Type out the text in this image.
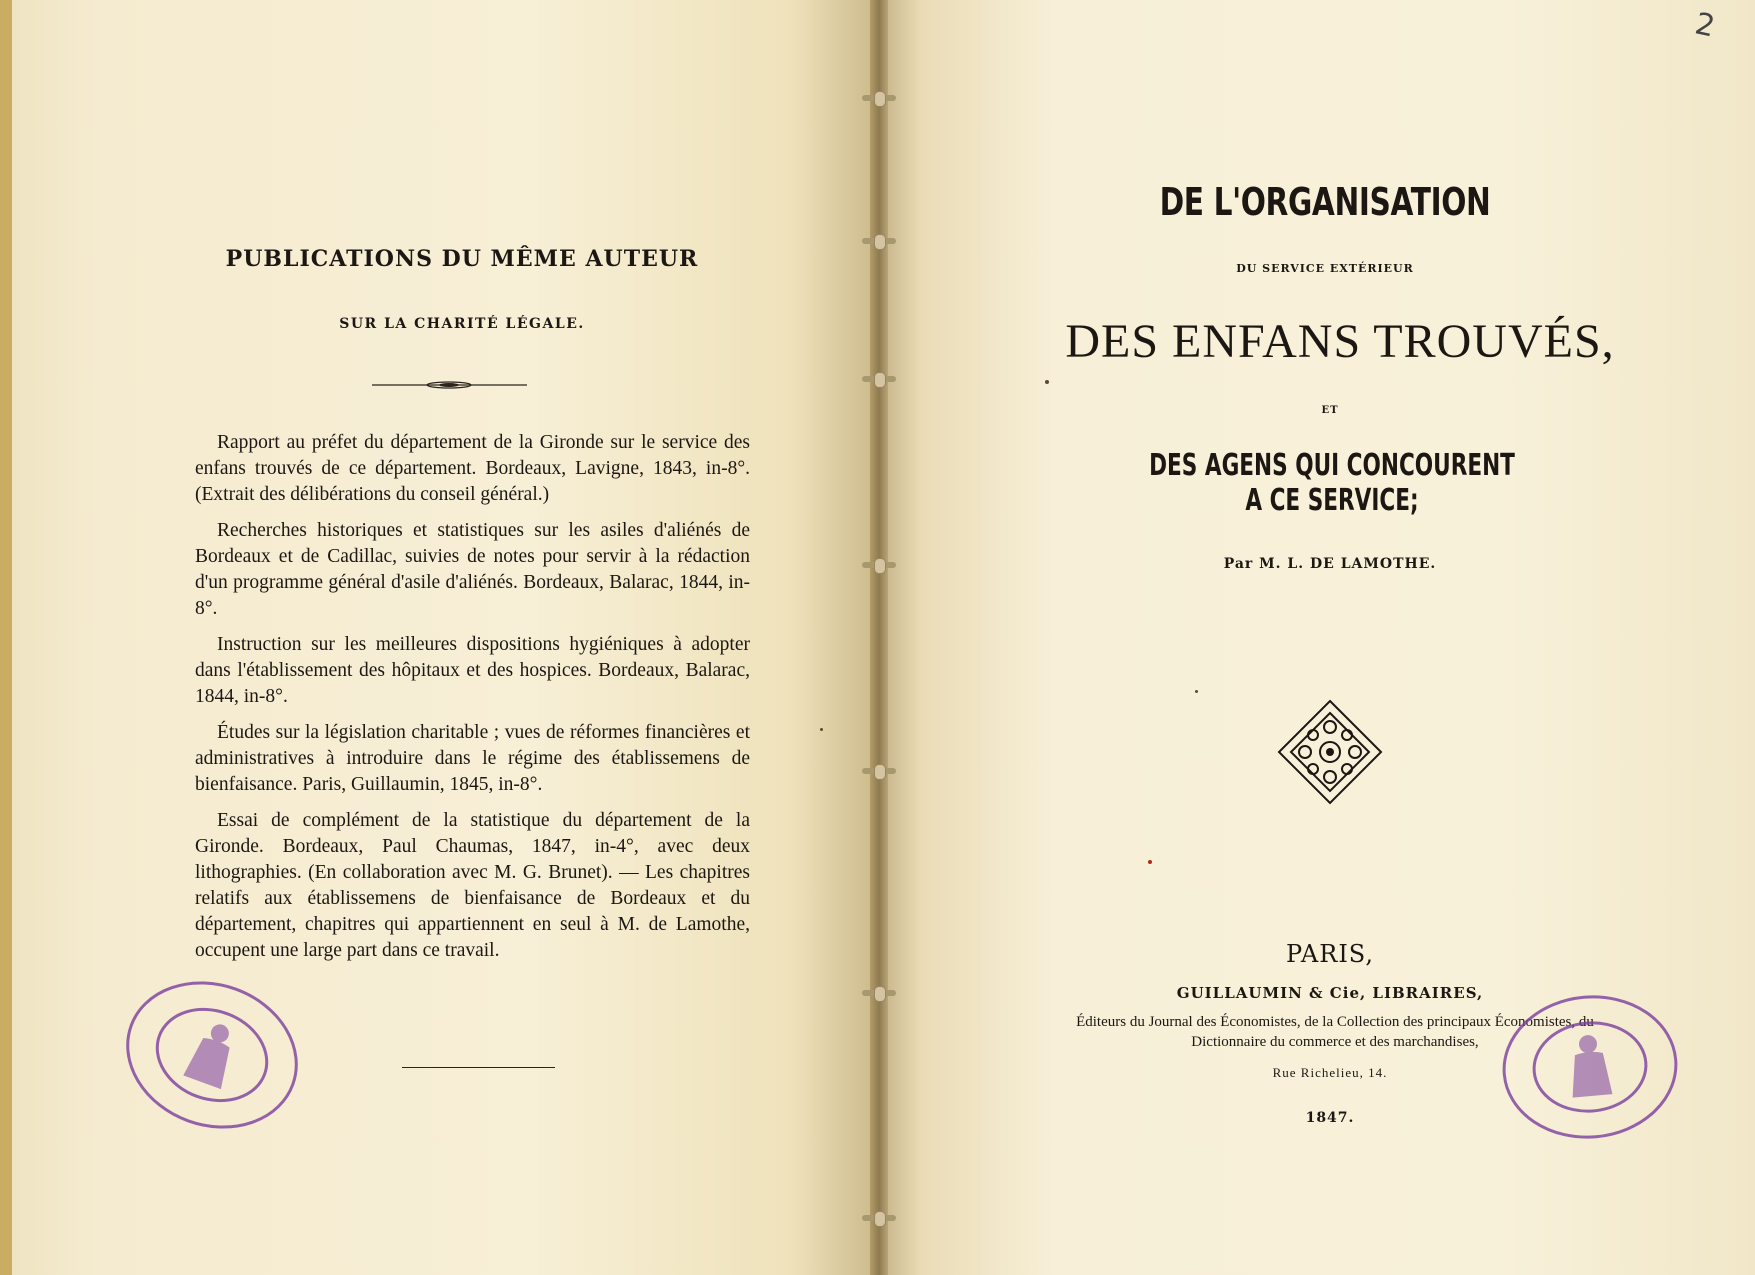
PUBLICATIONS DU MÊME AUTEUR
SUR LA CHARITÉ LÉGALE.

Rapport au préfet du département de la Gironde sur le service des enfans trouvés de ce département. Bordeaux, Lavigne, 1843, in-8°. (Extrait des délibérations du conseil général.)

Recherches historiques et statistiques sur les asiles d'aliénés de Bordeaux et de Cadillac, suivies de notes pour servir à la rédaction d'un programme général d'asile d'aliénés. Bordeaux, Balarac, 1844, in-8°.

Instruction sur les meilleures dispositions hygiéniques à adopter dans l'établissement des hôpitaux et des hospices. Bordeaux, Balarac, 1844, in-8°.

Études sur la législation charitable ; vues de réformes financières et administratives à introduire dans le régime des établissemens de bienfaisance. Paris, Guillaumin, 1845, in-8°.

Essai de complément de la statistique du département de la Gironde. Bordeaux, Paul Chaumas, 1847, in-4°, avec deux lithographies. (En collaboration avec M. G. Brunet). — Les chapitres relatifs aux établissemens de bienfaisance de Bordeaux et du département, chapitres qui appartiennent en seul à M. de Lamothe, occupent une large part dans ce travail.

2
DE L'ORGANISATION
DU SERVICE EXTÉRIEUR
DES ENFANS TROUVÉS,
ET
DES AGENS QUI CONCOURENT A CE SERVICE;
Par M. L. DE LAMOTHE.
PARIS,
GUILLAUMIN & Cie, LIBRAIRES,
Éditeurs du Journal des Économistes, de la Collection des principaux Économistes, du Dictionnaire du commerce et des marchandises,
Rue Richelieu, 14.
1847.
